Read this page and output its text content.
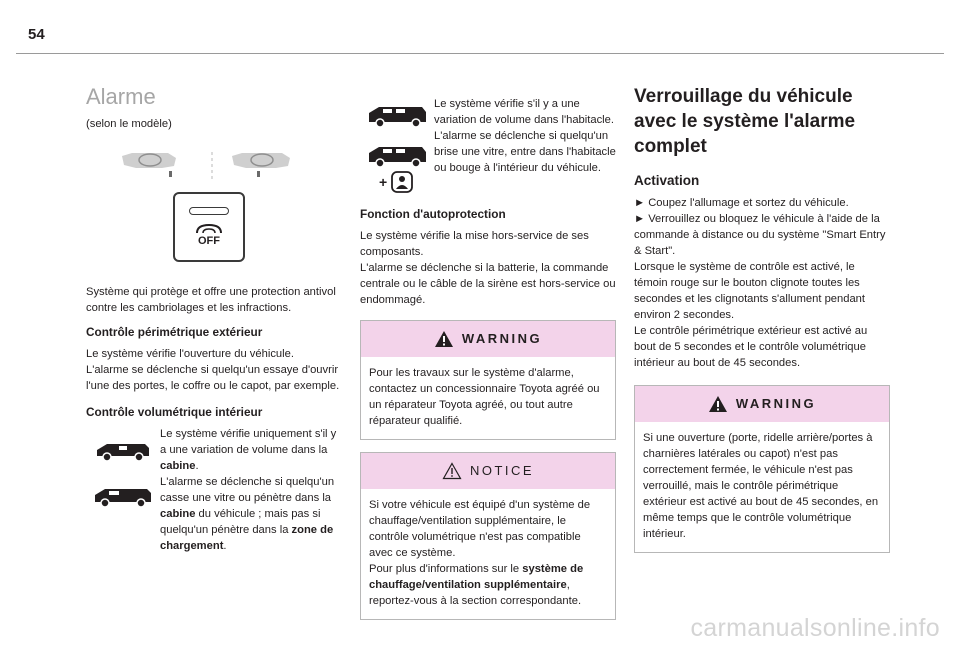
54
Alarme
(selon le modèle)
OFF

Système qui protège et offre une protection antivol contre les cambriolages et les infractions.

Contrôle périmétrique extérieur

Le système vérifie l'ouverture du véhicule.

L'alarme se déclenche si quelqu'un essaye d'ouvrir l'une des portes, le coffre ou le capot, par exemple.

Contrôle volumétrique intérieur

Le système vérifie uniquement s'il y a une variation de volume dans la cabine.

L'alarme se déclenche si quelqu'un casse une vitre ou pénètre dans la cabine du véhicule ; mais pas si quelqu'un pénètre dans la zone de chargement.

+

Le système vérifie s'il y a une variation de volume dans l'habitacle.

L'alarme se déclenche si quelqu'un brise une vitre, entre dans l'habitacle ou bouge à l'intérieur du véhicule.

Fonction d'autoprotection

Le système vérifie la mise hors-service de ses composants.

L'alarme se déclenche si la batterie, la commande centrale ou le câble de la sirène est hors-service ou endommagé.

WARNING

Pour les travaux sur le système d'alarme, contactez un concessionnaire Toyota agréé ou un réparateur Toyota agréé, ou tout autre réparateur qualifié.

NOTICE

Si votre véhicule est équipé d'un système de chauffage/ventilation supplémentaire, le contrôle volumétrique n'est pas compatible avec ce système.

Pour plus d'informations sur le système de chauffage/ventilation supplémentaire, reportez-vous à la section correspondante.

Verrouillage du véhicule avec le système l'alarme complet
Activation

► Coupez l'allumage et sortez du véhicule.

► Verrouillez ou bloquez le véhicule à l'aide de la commande à distance ou du système "Smart Entry & Start".

Lorsque le système de contrôle est activé, le témoin rouge sur le bouton clignote toutes les secondes et les clignotants s'allument pendant environ 2 secondes.

Le contrôle périmétrique extérieur est activé au bout de 5 secondes et le contrôle volumétrique intérieur au bout de 45 secondes.

WARNING

Si une ouverture (porte, ridelle arrière/portes à charnières latérales ou capot) n'est pas correctement fermée, le véhicule n'est pas verrouillé, mais le contrôle périmétrique extérieur est activé au bout de 45 secondes, en même temps que le contrôle volumétrique intérieur.

carmanualsonline.info
